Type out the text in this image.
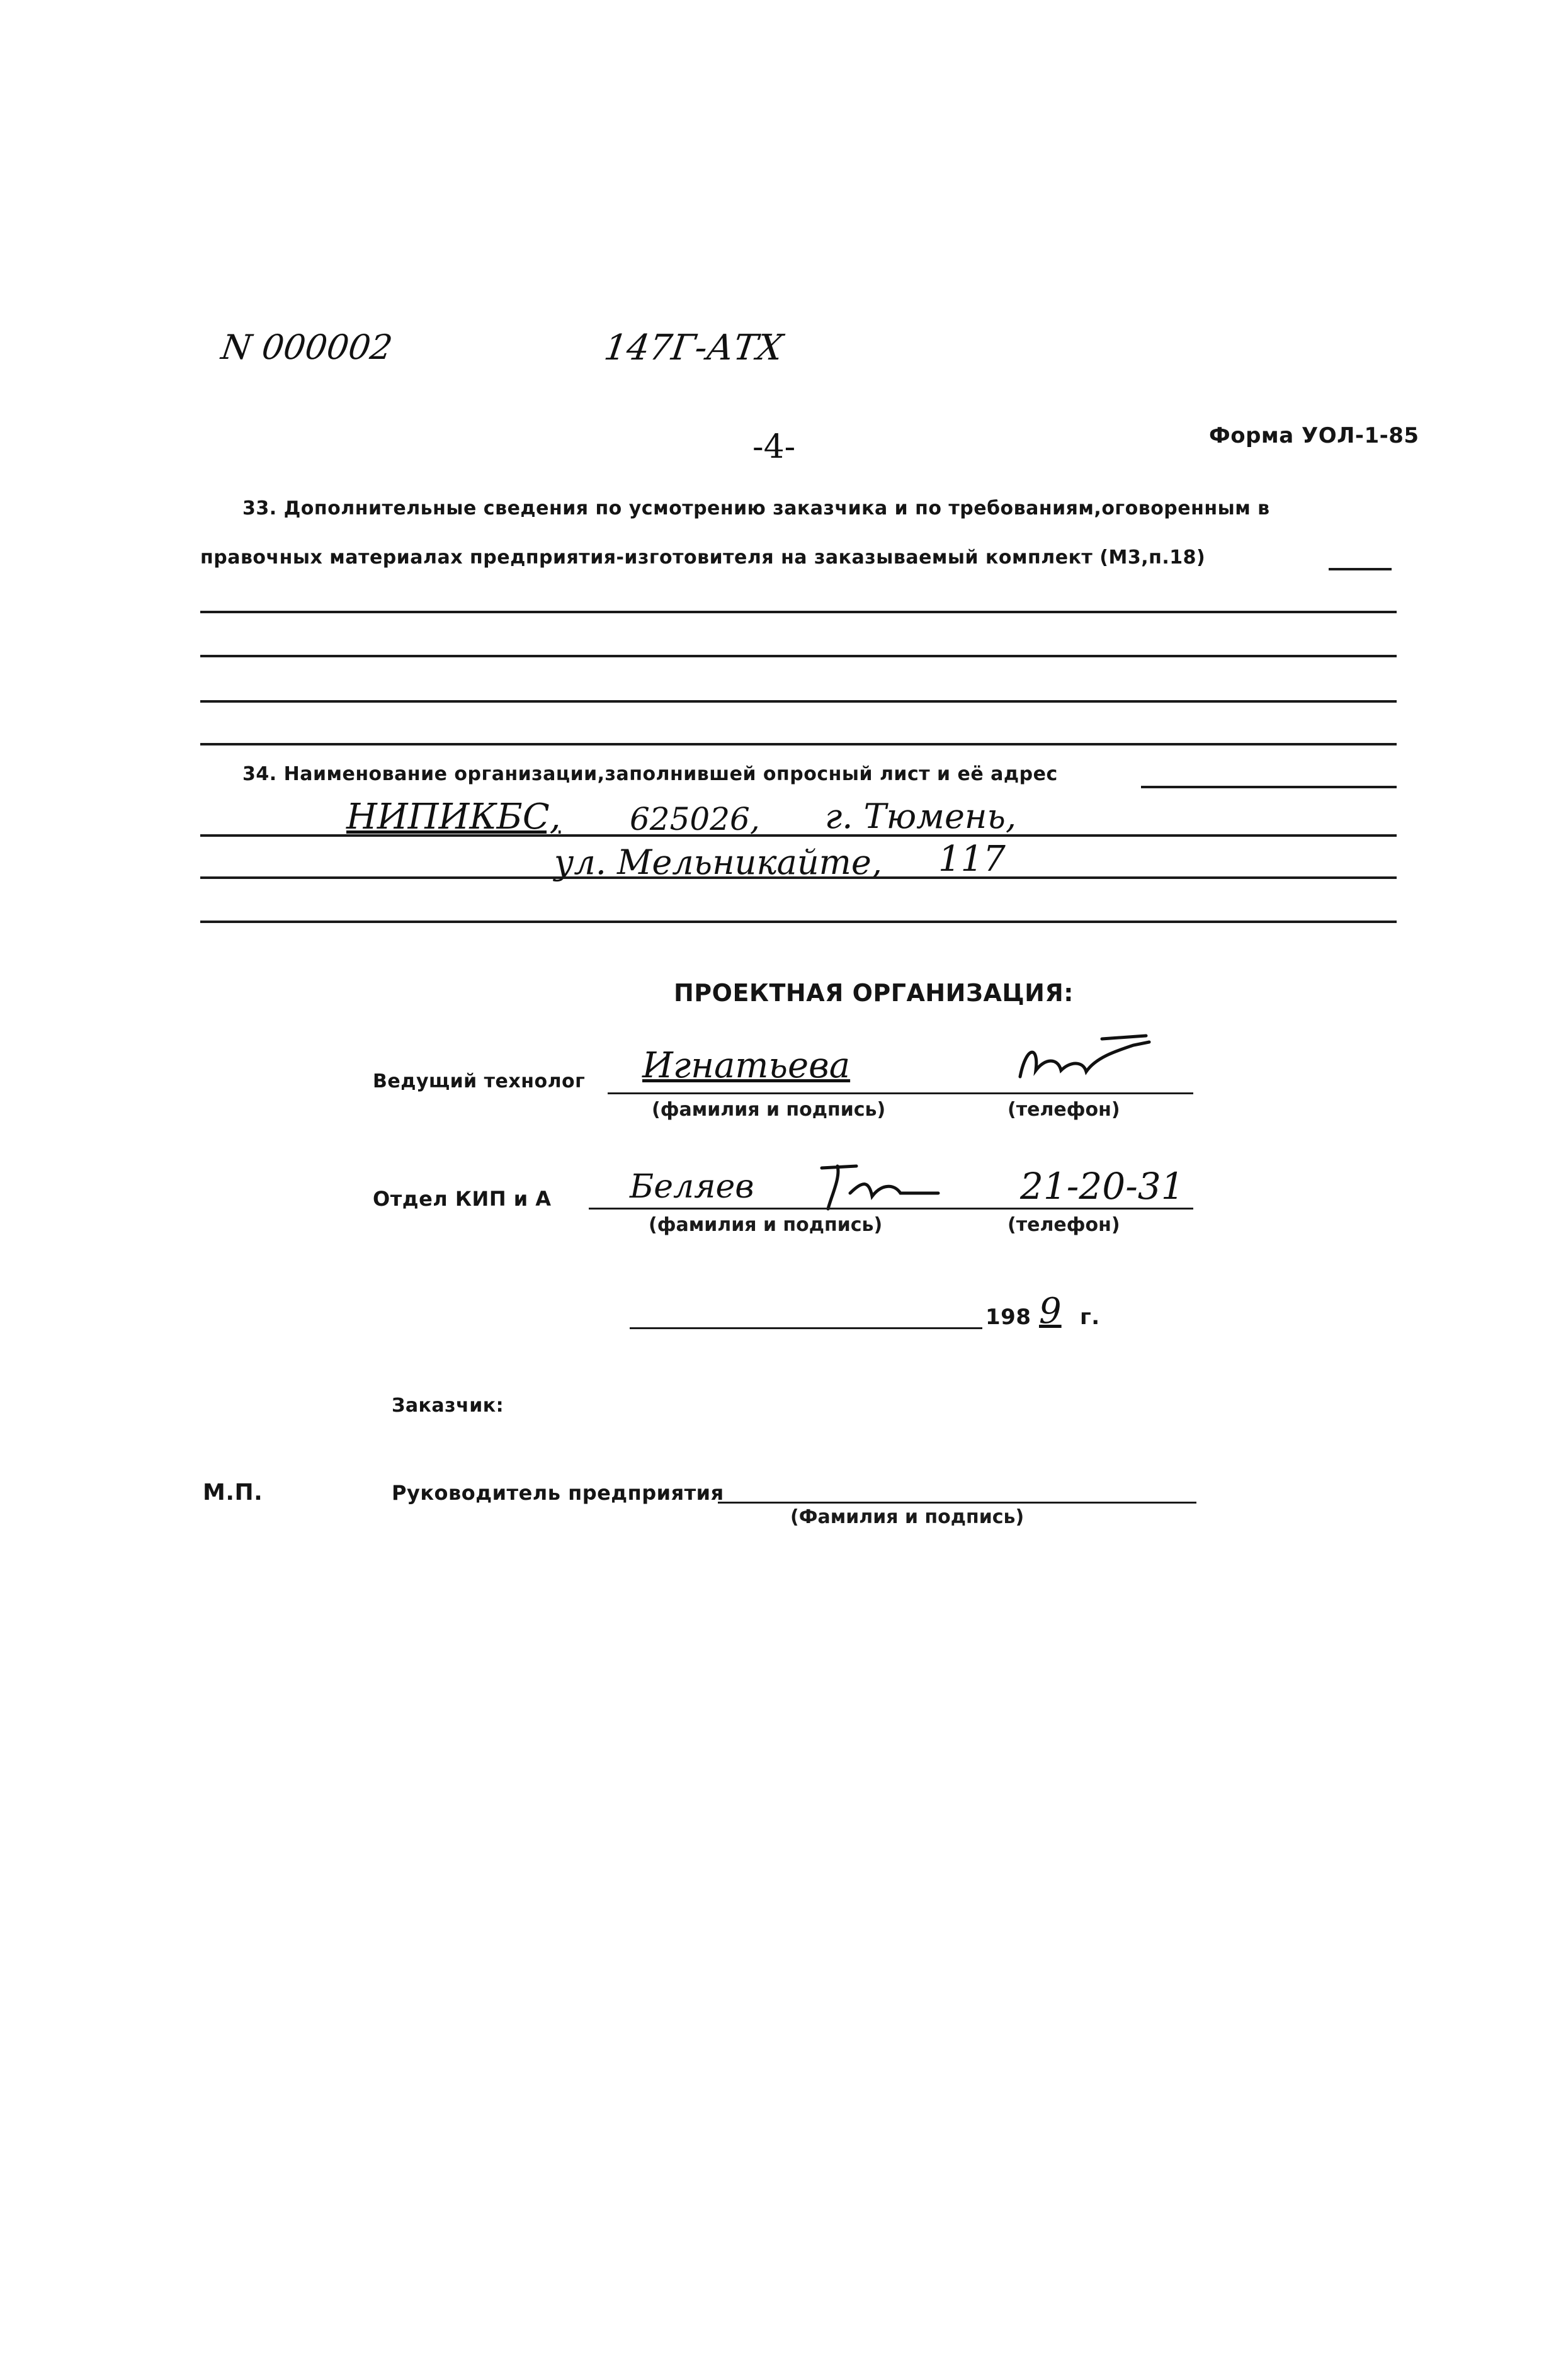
N 000002	147Г-АТХ
-4-	Форма УОЛ-1-85
33. Дополнительные сведения по усмотрению заказчика и по требованиям,оговоренным в
правочных материалах предприятия-изготовителя на заказываемый комплект (М3,п.18)
34. Наименование организации,заполнившей опросный лист и её адрес
НИПИКБС, 625026, г. Тюмень,
ул. Мельникайте, 117
ПРОЕКТНАЯ ОРГАНИЗАЦИЯ:
Ведущий технолог Игнатьева
(фамилия и подпись)	(телефон)
Отдел КИП и А Беляев	21-20-31
(фамилия и подпись)	(телефон)
198 9 г.
Заказчик:
М.П.	Руководитель предприятия
(Фамилия и подпись)
